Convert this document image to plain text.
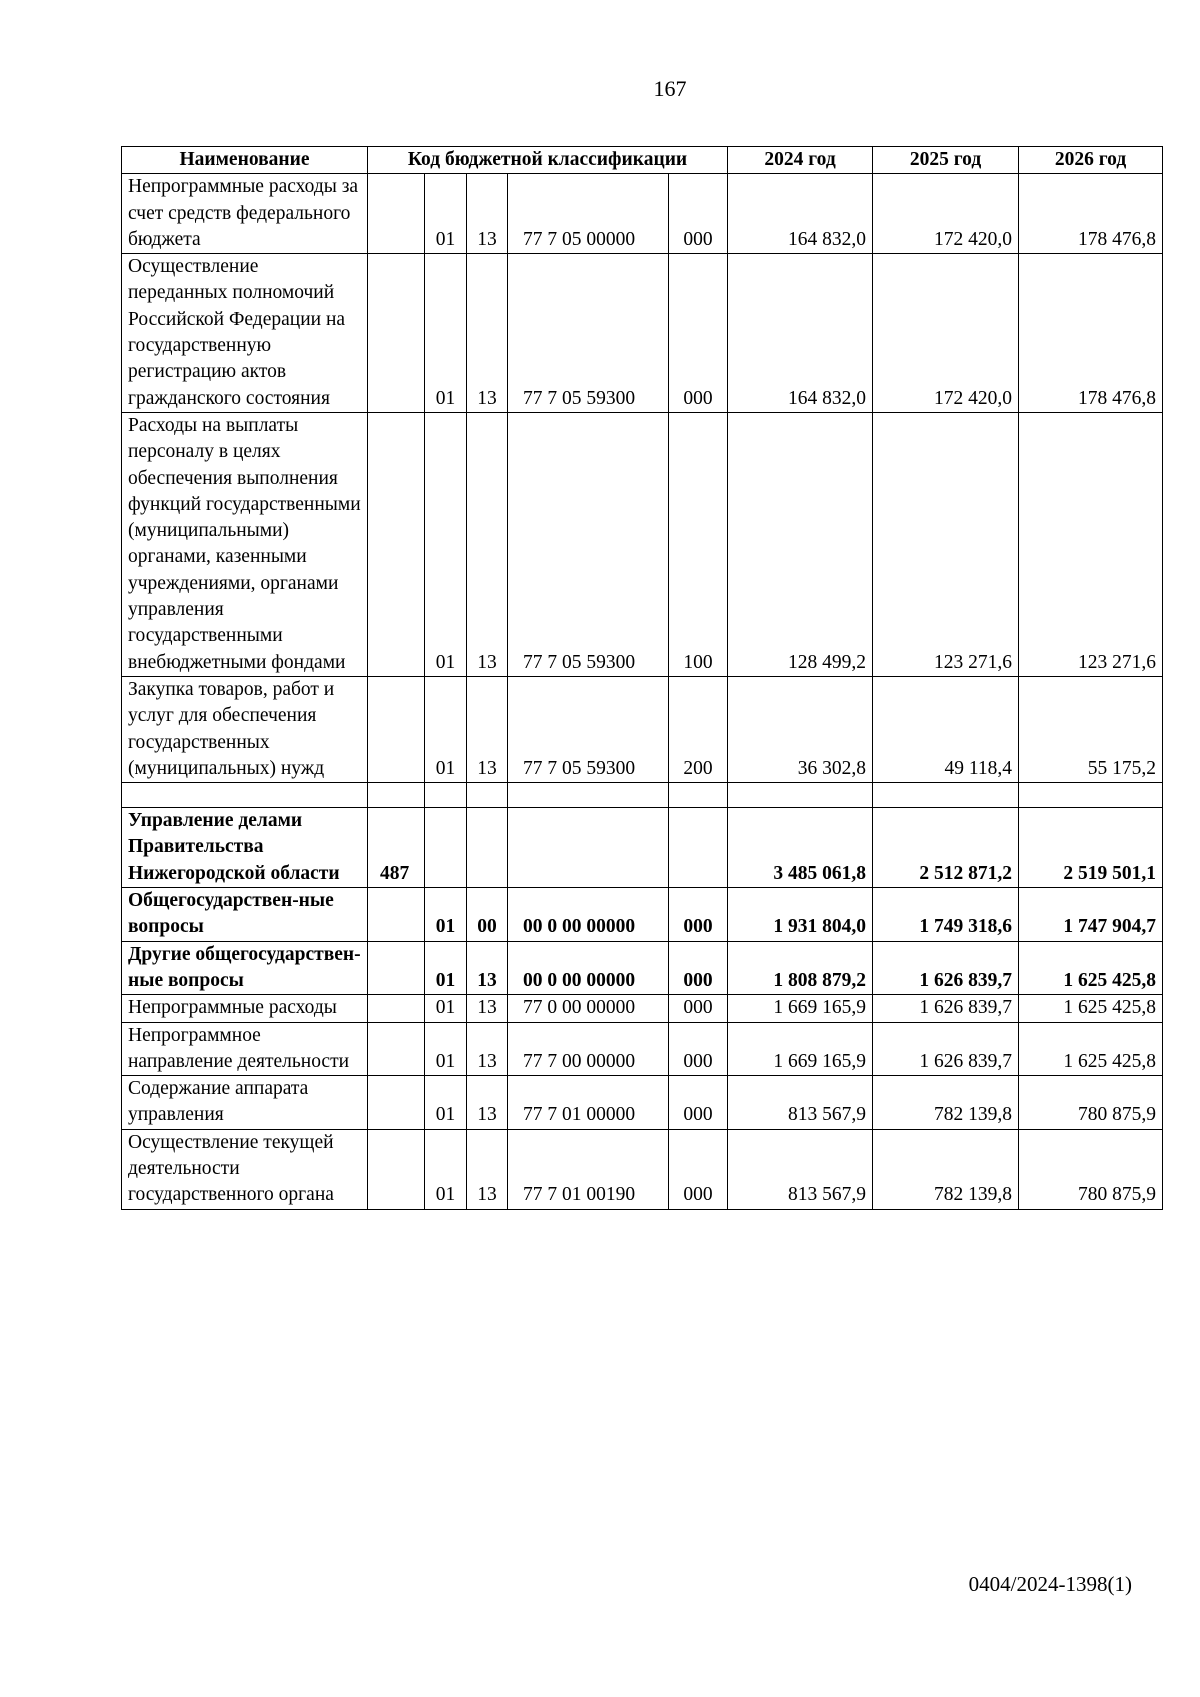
167
Наименование	Код бюджетной классификации					2024 год	2025 год	2026 год
Непрограммные расходы за счет средств федерального бюджета		01	13	77 7 05 00000	000	164 832,0	172 420,0	178 476,8
Осуществление переданных полномочий Российской Федерации на государственную регистрацию актов гражданского состояния		01	13	77 7 05 59300	000	164 832,0	172 420,0	178 476,8
Расходы на выплаты персоналу в целях обеспечения выполнения функций государственными (муниципальными) органами, казенными учреждениями, органами управления государственными внебюджетными фондами		01	13	77 7 05 59300	100	128 499,2	123 271,6	123 271,6
Закупка товаров, работ и услуг для обеспечения государственных (муниципальных) нужд		01	13	77 7 05 59300	200	36 302,8	49 118,4	55 175,2

Управление делами Правительства Нижегородской области	487					3 485 061,8	2 512 871,2	2 519 501,1
Общегосударствен-ные вопросы		01	00	00 0 00 00000	000	1 931 804,0	1 749 318,6	1 747 904,7
Другие общегосударствен-ные вопросы		01	13	00 0 00 00000	000	1 808 879,2	1 626 839,7	1 625 425,8
Непрограммные расходы		01	13	77 0 00 00000	000	1 669 165,9	1 626 839,7	1 625 425,8
Непрограммное направление деятельности		01	13	77 7 00 00000	000	1 669 165,9	1 626 839,7	1 625 425,8
Содержание аппарата управления		01	13	77 7 01 00000	000	813 567,9	782 139,8	780 875,9
Осуществление текущей деятельности государственного органа		01	13	77 7 01 00190	000	813 567,9	782 139,8	780 875,9
0404/2024-1398(1)
